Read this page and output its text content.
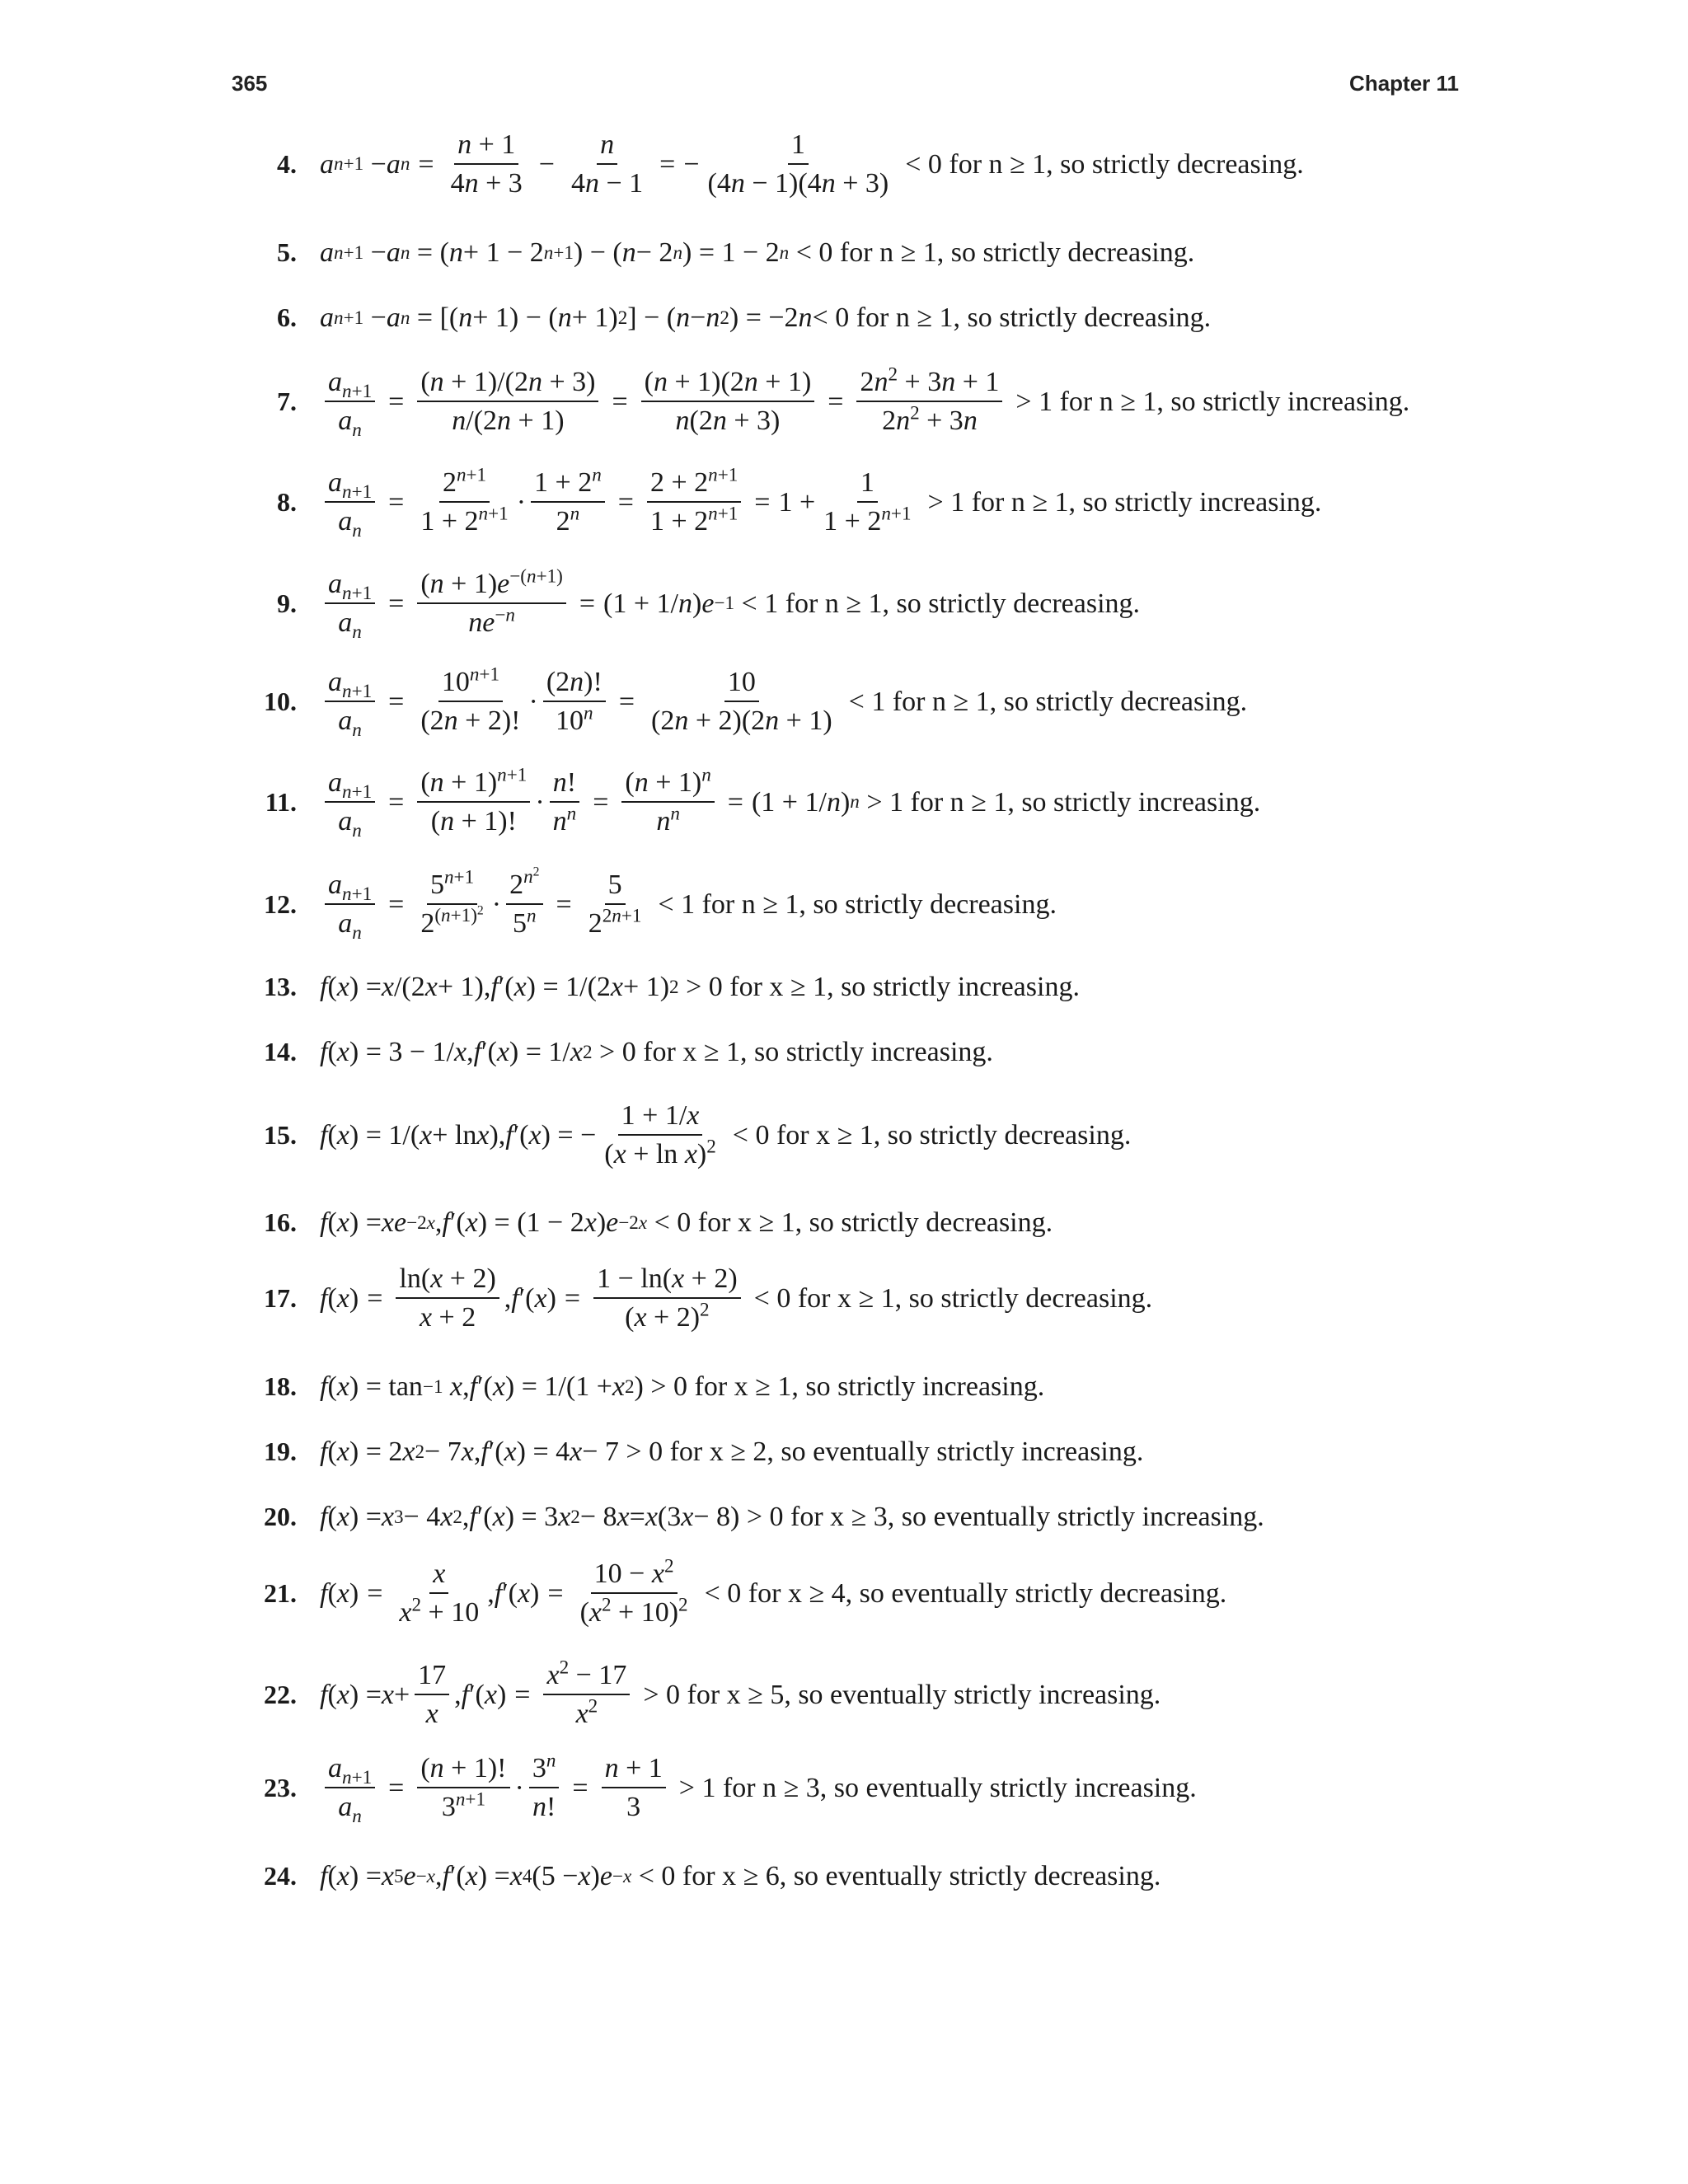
365	Chapter 11
4. a n+1 − a $n = \frac{n + 1}{4n + 3} - \frac{n}{4n - 1}$ = − $\frac{1}{(4n - 1)(4n + 3)} < 0$
for n ≥ 1, so strictly decreasing.
5. a n+1 − a n = ( n + 1 − 2 n+1 ) − ( n − 2 n ) = 1 − 2 n < 0 for n ≥ 1, so strictly decreasing.
6. a n+1 − a n = [( n + 1) − ( n + 1) 2 ] − ( n − n 2 ) = −2 n < 0 for n ≥ 1, so strictly decreasing.
7. $\frac{a_{n+1}}{a_n} = \frac{(n + 1)/(2n + 3)}{n/(2n + 1)} = \frac{(n + 1)(2n + 1)}{n(2n + 3)} = \frac{2n^2 + 3n + 1}{2n^2 + 3n} > 1$
for n ≥ 1, so strictly increasing.
8. $\frac{a_{n+1}}{a_n} = \frac{2^{n+1}}{1 + 2^{n+1}} \cdot \frac{1 + 2^n}{2^n} = \frac{2 + 2^{n+1}}{1 + 2^{n+1}} = 1 + \frac{1}{1 + 2^{n+1}} > 1$
for n ≥ 1, so strictly increasing.
9. $\frac{a_{n+1}}{a_n} = \frac{(n + 1)e^{-(n+1)}}{ne^{-n}} = (1 + 1/$ n ) e −1 < 1 for n ≥ 1, so strictly decreasing.
10. $\frac{a_{n+1}}{a_n} = \frac{10^{n+1}}{(2n + 2)!} \cdot \frac{(2n)!}{10^n} = \frac{10}{(2n + 2)(2n + 1)} < 1$
for n ≥ 1, so strictly decreasing.
11. $\frac{a_{n+1}}{a_n} = \frac{(n + 1)^{n+1}}{(n + 1)!} \cdot \frac{n!}{n^n} = \frac{(n + 1)^n}{n^n} = (1 + 1/$ n ) n > 1 for n ≥ 1, so strictly increasing.
12. $\frac{a_{n+1}}{a_n} = \frac{5^{n+1}}{2^{(n+1)^2}} \cdot \frac{2^{n^2}}{5^n} = \frac{5}{2^{2n+1}} < 1$
for n ≥ 1, so strictly decreasing.
13. f ( x ) = x /(2 x + 1), f ′( x ) = 1/(2 x + 1) 2 > 0 for x ≥ 1, so strictly increasing.
14. f ( x ) = 3 − 1/ x , f ′( x ) = 1/ x 2 > 0 for x ≥ 1, so strictly increasing.
15. f ( x ) = 1/( x + ln x ), f ′( x ) = − $\frac{1 + 1/x}{(x + \ln x)^2} < 0$
for x ≥ 1, so strictly decreasing.
16. f ( x ) = xe −2x , f ′( x ) = (1 − 2 x ) e −2x < 0 for x ≥ 1, so strictly decreasing.
17. f ( x ) = $\frac{\ln(x + 2)}{x + 2}$ , f ′( x ) = $\frac{1 - \ln(x + 2)}{(x + 2)^2} < 0$
for x ≥ 1, so strictly decreasing.
18. f ( x ) = tan −1
x , f ′( x ) = 1/(1 + x 2 ) > 0 for x ≥ 1, so strictly increasing.
19. f ( x ) = 2 x 2 − 7 x , f ′( x ) = 4 x − 7 > 0 for x ≥ 2, so eventually strictly increasing.
20. f ( x ) = x 3 − 4 x 2 , f ′( x ) = 3 x 2 − 8 x = x (3 x − 8) > 0 for x ≥ 3, so eventually strictly increasing.
21. f ( x ) = $\frac{x}{x^2 + 10}$ , f ′( x ) = $\frac{10 - x^2}{(x^2 + 10)^2} < 0$
for x ≥ 4, so eventually strictly decreasing.
22. f ( x ) = $x + \frac{17}{x}$ , f ′( x ) = $\frac{x^2 - 17}{x^2} > 0$
for x ≥ 5, so eventually strictly increasing.
23. $\frac{a_{n+1}}{a_n} = \frac{(n + 1)!}{3^{n+1}} \cdot \frac{3^n}{n!} = \frac{n + 1}{3} > 1$
for n ≥ 3, so eventually strictly increasing.
24. f ( x ) = x 5 e −x , f ′( x ) = x 4 (5 − x ) e −x < 0 for x ≥ 6, so eventually strictly decreasing.
